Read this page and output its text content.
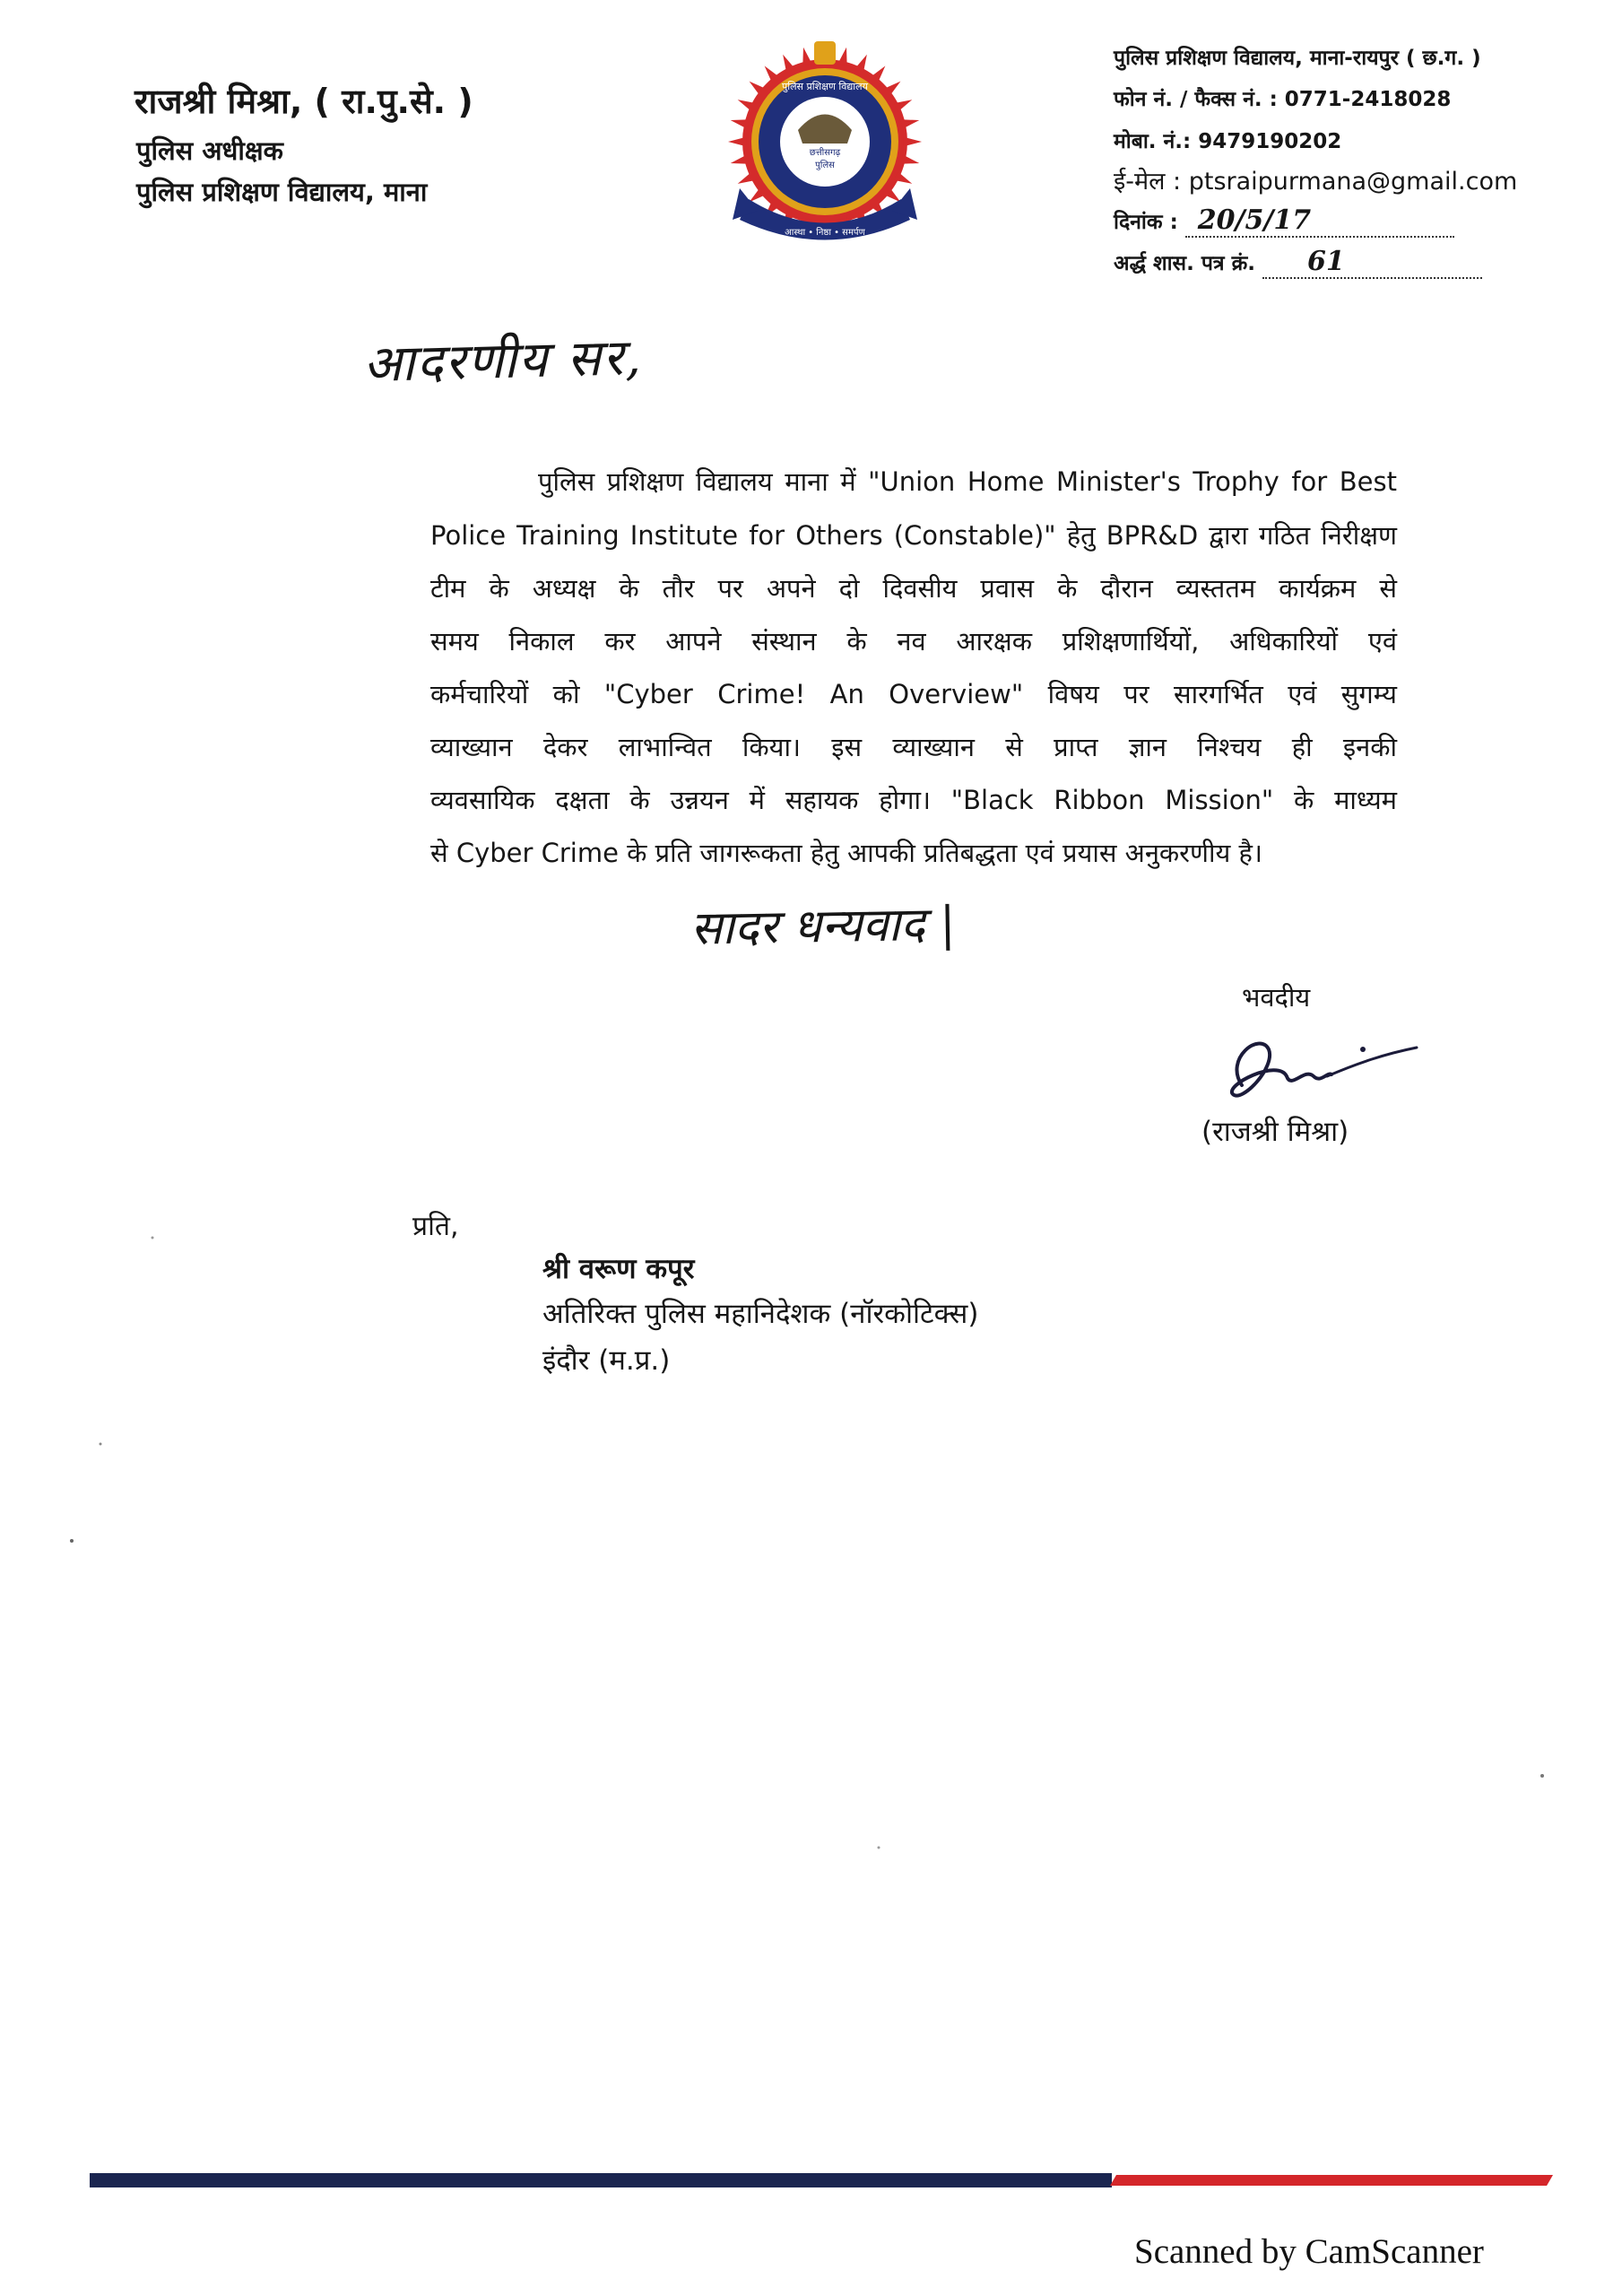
राजश्री मिश्रा, ( रा.पु.से. )
पुलिस अधीक्षक
पुलिस प्रशिक्षण विद्यालय, माना
पुलिस प्रशिक्षण विद्यालय
छत्तीसगढ़
पुलिस
आस्था • निष्ठा • समर्पण
पुलिस प्रशिक्षण विद्यालय, माना-रायपुर ( छ.ग. )
फोन नं. / फैक्स नं. : 0771-2418028
मोबा. नं.: 9479190202
ई-मेल : ptsraipurmana@gmail.com
दिनांक : 20/5/17
अर्द्ध शास. पत्र क्रं. 61
आदरणीय सर,
पुलिस प्रशिक्षण विद्यालय माना में "Union Home Minister's Trophy for Best
Police Training Institute for Others (Constable)" हेतु BPR&D द्वारा गठित निरीक्षण
टीम के अध्यक्ष के तौर पर अपने दो दिवसीय प्रवास के दौरान व्यस्ततम कार्यक्रम से
समय निकाल कर आपने संस्थान के नव आरक्षक प्रशिक्षणार्थियों, अधिकारियों एवं
कर्मचारियों को "Cyber Crime! An Overview" विषय पर सारगर्भित एवं सुगम्य
व्याख्यान देकर लाभान्वित किया। इस व्याख्यान से प्राप्त ज्ञान निश्चय ही इनकी
व्यवसायिक दक्षता के उन्नयन में सहायक होगा। "Black Ribbon Mission" के माध्यम
से Cyber Crime के प्रति जागरूकता हेतु आपकी प्रतिबद्धता एवं प्रयास अनुकरणीय है।
सादर धन्यवाद |
भवदीय
(राजश्री मिश्रा)
प्रति,
श्री वरूण कपूर
अतिरिक्त पुलिस महानिदेशक (नॉरकोटिक्स)
इंदौर (म.प्र.)
Scanned by CamScanner
